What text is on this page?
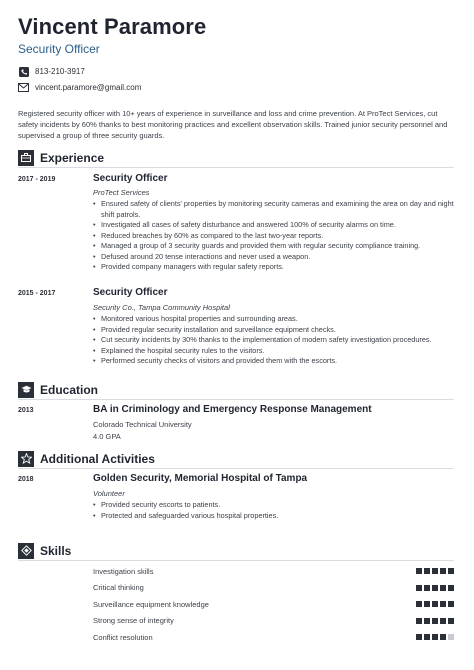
Vincent Paramore
Security Officer
813-210-3917
vincent.paramore@gmail.com

Registered security officer with 10+ years of experience in surveillance and loss and crime prevention. At ProTect Services, cut safety incidents by 60% thanks to best monitoring practices and excellent observation skills. Trained junior security personnel and supervised a group of three security guards.

Experience
2017 - 2019	Security Officer
ProTect Services
• Ensured safety of clients' properties by monitoring security cameras and examining the area on day and night shift patrols.
• Investigated all cases of safety disturbance and answered 100% of security alarms on time.
• Reduced breaches by 60% as compared to the last two-year reports.
• Managed a group of 3 security guards and provided them with regular security compliance training.
• Defused around 20 tense interactions and never used a weapon.
• Provided company managers with regular safety reports.
2015 - 2017	Security Officer
Security Co., Tampa Community Hospital
• Monitored various hospital properties and surrounding areas.
• Provided regular security installation and surveillance equipment checks.
• Cut security incidents by 30% thanks to the implementation of modern safety investigation procedures.
• Explained the hospital security rules to the visitors.
• Performed security checks of visitors and provided them with the escorts.
Education
2013	BA in Criminology and Emergency Response Management
Colorado Technical University
4.0 GPA
Additional Activities
2018	Golden Security, Memorial Hospital of Tampa
Volunteer
• Provided security escorts to patients.
• Protected and safeguarded various hospital properties.
Skills
Investigation skills
Critical thinking
Surveillance equipment knowledge
Strong sense of integrity
Conflict resolution
